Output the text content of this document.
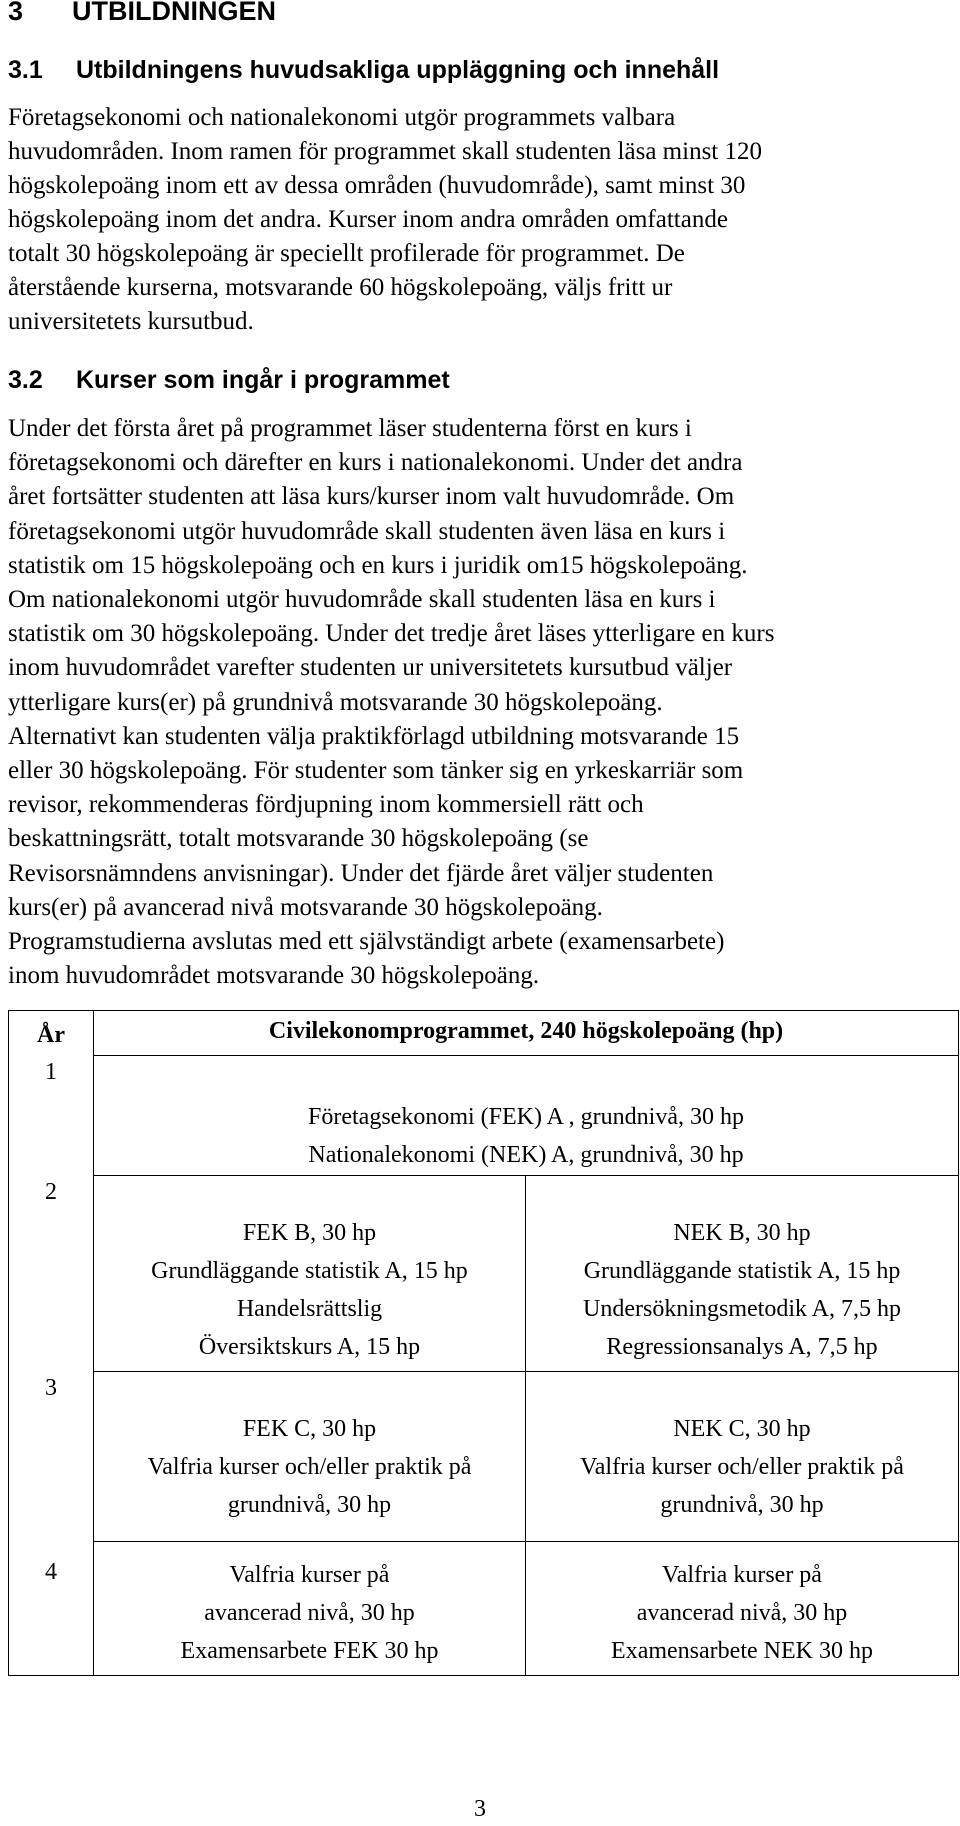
3 UTBILDNINGEN
3.1 Utbildningens huvudsakliga uppläggning och innehåll
Företagsekonomi och nationalekonomi utgör programmets valbara
huvudområden. Inom ramen för programmet skall studenten läsa minst 120
högskolepoäng inom ett av dessa områden (huvudområde), samt minst 30
högskolepoäng inom det andra. Kurser inom andra områden omfattande
totalt 30 högskolepoäng är speciellt profilerade för programmet. De
återstående kurserna, motsvarande 60 högskolepoäng, väljs fritt ur
universitetets kursutbud.
3.2 Kurser som ingår i programmet
Under det första året på programmet läser studenterna först en kurs i
företagsekonomi och därefter en kurs i nationalekonomi. Under det andra
året fortsätter studenten att läsa kurs/kurser inom valt huvudområde. Om
företagsekonomi utgör huvudområde skall studenten även läsa en kurs i
statistik om 15 högskolepoäng och en kurs i juridik om15 högskolepoäng.
Om nationalekonomi utgör huvudområde skall studenten läsa en kurs i
statistik om 30 högskolepoäng. Under det tredje året läses ytterligare en kurs
inom huvudområdet varefter studenten ur universitetets kursutbud väljer
ytterligare kurs(er) på grundnivå motsvarande 30 högskolepoäng.
Alternativt kan studenten välja praktikförlagd utbildning motsvarande 15
eller 30 högskolepoäng. För studenter som tänker sig en yrkeskarriär som
revisor, rekommenderas fördjupning inom kommersiell rätt och
beskattningsrätt, totalt motsvarande 30 högskolepoäng (se
Revisorsnämndens anvisningar). Under det fjärde året väljer studenten
kurs(er) på avancerad nivå motsvarande 30 högskolepoäng.
Programstudierna avslutas med ett självständigt arbete (examensarbete)
inom huvudområdet motsvarande 30 högskolepoäng.
År	Civilekonomprogrammet, 240 högskolepoäng (hp)	
1	Företagsekonomi (FEK) A , grundnivå, 30 hp
Nationalekonomi (NEK) A, grundnivå, 30 hp	

2	FEK B, 30 hp
Grundläggande statistik A, 15 hp
Handelsrättslig
Översiktskurs A, 15 hp	NEK B, 30 hp
Grundläggande statistik A, 15 hp
Undersökningsmetodik A, 7,5 hp
Regressionsanalys A, 7,5 hp

3	FEK C, 30 hp
Valfria kurser och/eller praktik på
grundnivå, 30 hp	NEK C, 30 hp
Valfria kurser och/eller praktik på
grundnivå, 30 hp

4	Valfria kurser på
avancerad nivå, 30 hp
Examensarbete FEK 30 hp	Valfria kurser på
avancerad nivå, 30 hp
Examensarbete NEK 30 hp
3
